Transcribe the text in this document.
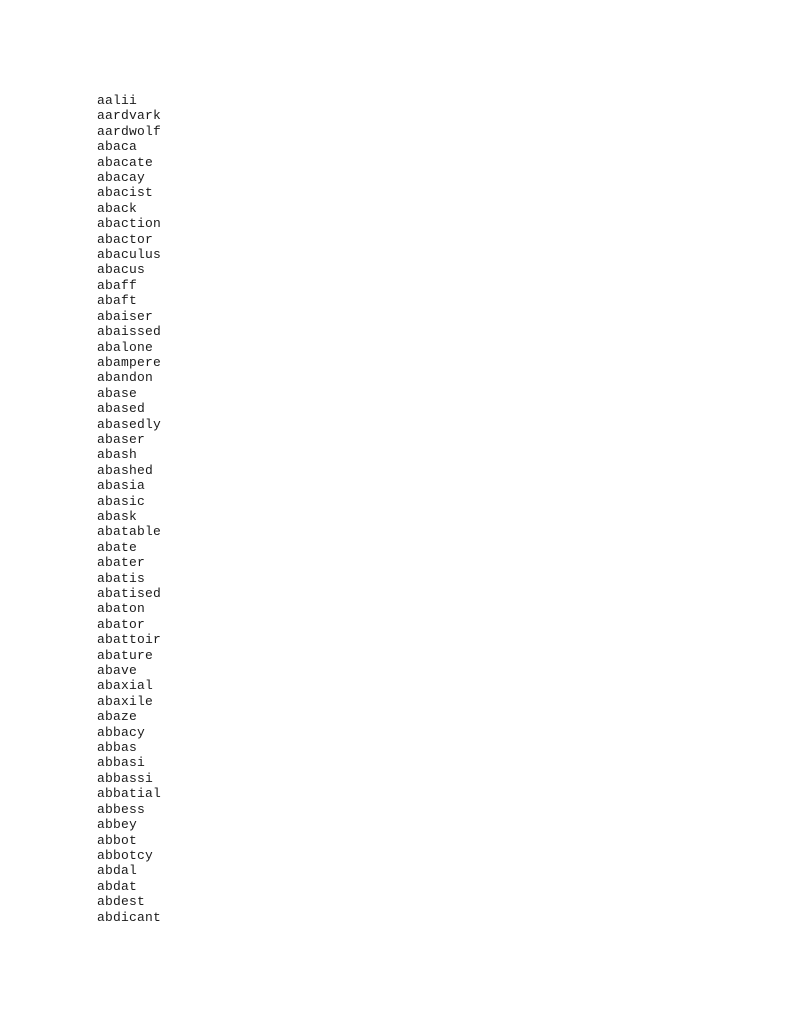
aalii
aardvark
aardwolf
abaca
abacate
abacay
abacist
aback
abaction
abactor
abaculus
abacus
abaff
abaft
abaiser
abaissed
abalone
abampere
abandon
abase
abased
abasedly
abaser
abash
abashed
abasia
abasic
abask
abatable
abate
abater
abatis
abatised
abaton
abator
abattoir
abature
abave
abaxial
abaxile
abaze
abbacy
abbas
abbasi
abbassi
abbatial
abbess
abbey
abbot
abbotcy
abdal
abdat
abdest
abdicant
